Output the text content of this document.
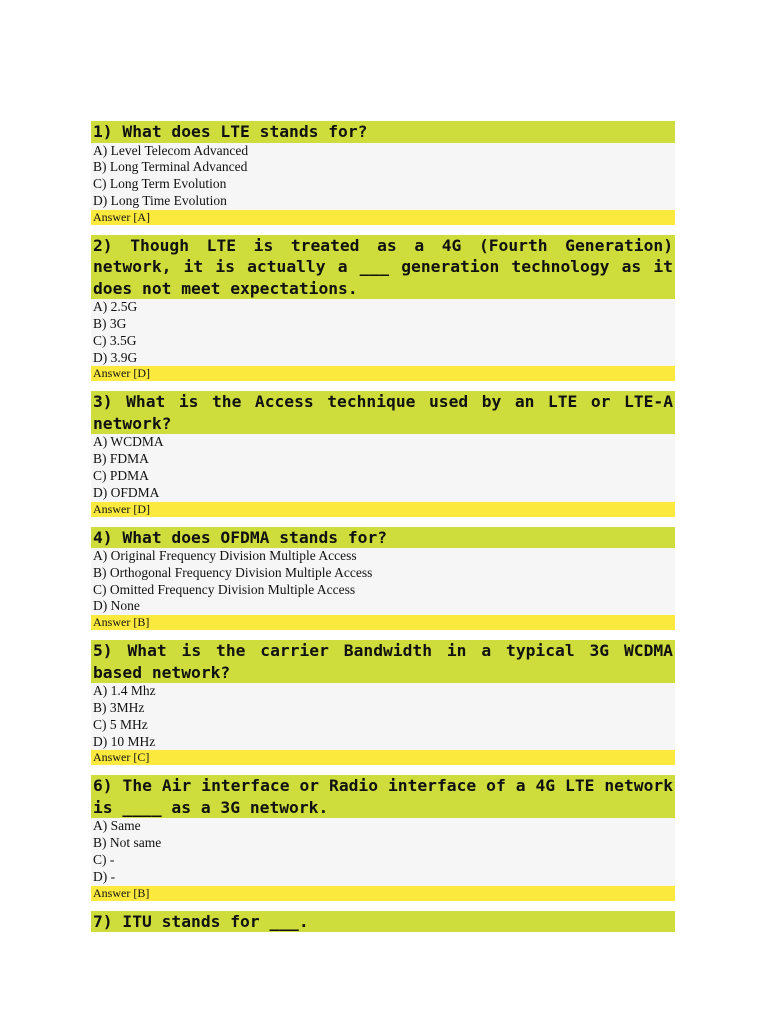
1) What does LTE stands for?
A) Level Telecom Advanced
B) Long Terminal Advanced
C) Long Term Evolution
D) Long Time Evolution
Answer [A]
2) Though LTE is treated as a 4G (Fourth Generation) network, it is actually a ___ generation technology as it does not meet expectations.
A) 2.5G
B) 3G
C) 3.5G
D) 3.9G
Answer [D]
3) What is the Access technique used by an LTE or LTE-A network?
A) WCDMA
B) FDMA
C) PDMA
D) OFDMA
Answer [D]
4) What does OFDMA stands for?
A) Original Frequency Division Multiple Access
B) Orthogonal Frequency Division Multiple Access
C) Omitted Frequency Division Multiple Access
D) None
Answer [B]
5) What is the carrier Bandwidth in a typical 3G WCDMA based network?
A) 1.4 Mhz
B) 3MHz
C) 5 MHz
D) 10 MHz
Answer [C]
6) The Air interface or Radio interface of a 4G LTE network is ____ as a 3G network.
A) Same
B) Not same
C) -
D) -
Answer [B]
7) ITU stands for ___.
